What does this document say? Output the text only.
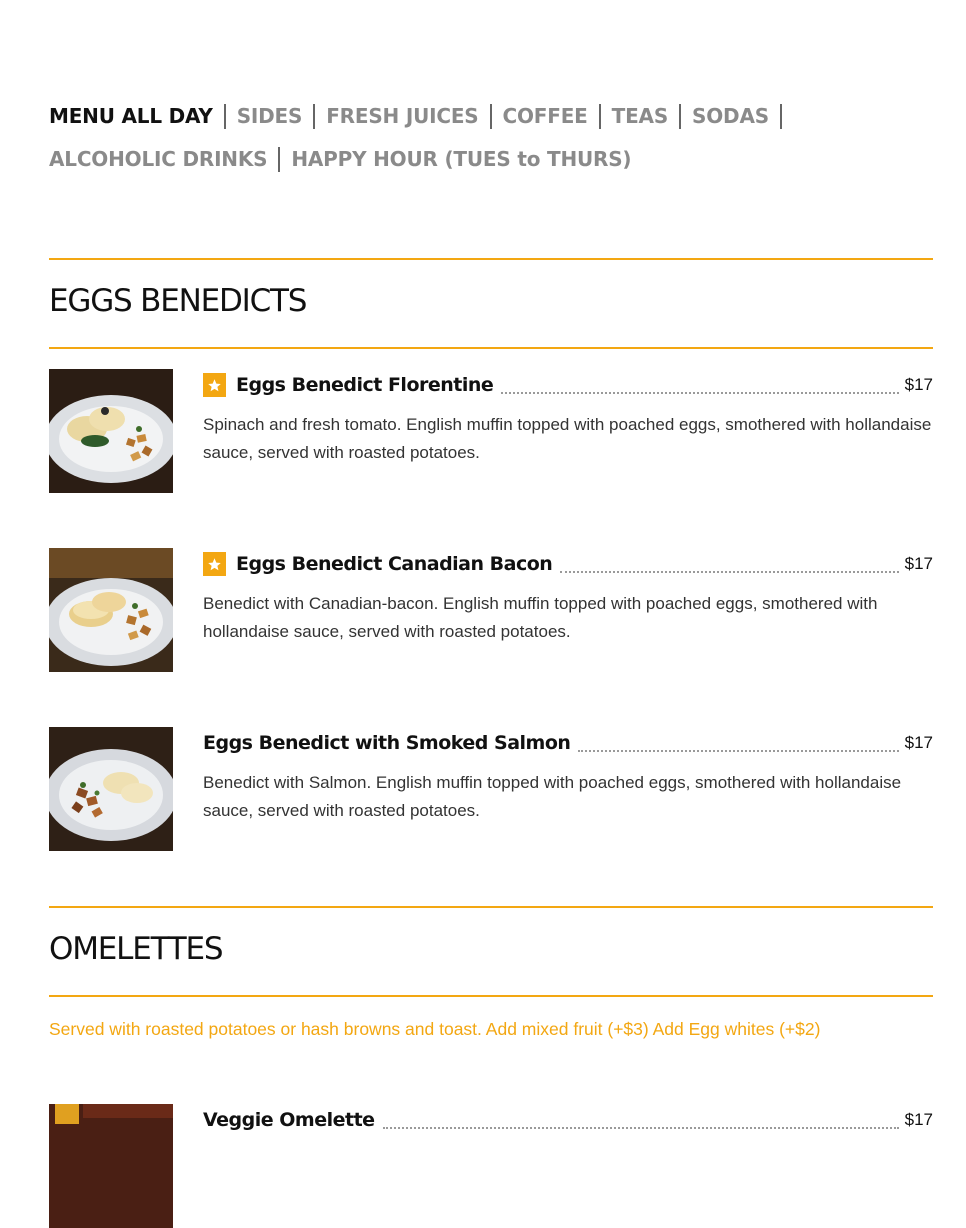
MENU ALL DAY SIDES FRESH JUICES COFFEE TEAS SODAS
ALCOHOLIC DRINKS HAPPY HOUR (TUES to THURS)
EGGS BENEDICTS
Eggs Benedict Florentine	$17
Spinach and fresh tomato. English muffin topped with poached eggs, smothered with hollandaise sauce, served with roasted potatoes.
Eggs Benedict Canadian Bacon	$17
Benedict with Canadian-bacon. English muffin topped with poached eggs, smothered with hollandaise sauce, served with roasted potatoes.
Eggs Benedict with Smoked Salmon	$17
Benedict with Salmon. English muffin topped with poached eggs, smothered with hollandaise sauce, served with roasted potatoes.
OMELETTES
Served with roasted potatoes or hash browns and toast. Add mixed fruit (+$3) Add Egg whites (+$2)
Veggie Omelette	$17
